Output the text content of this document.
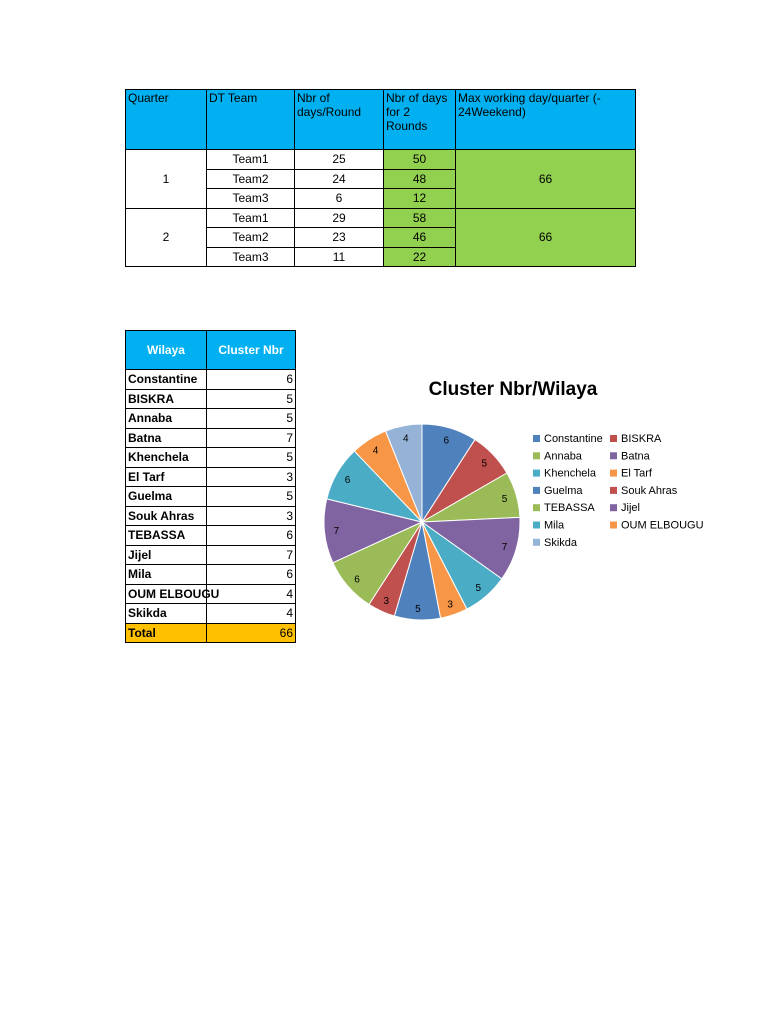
Quarter	DT Team	Nbr of days/Round	Nbr of days for 2 Rounds	Max working day/quarter (- 24Weekend)
1	Team1	25	50	66
	Team2	24	48	
	Team3	6	12	
2	Team1	29	58	66
	Team2	23	46	
	Team3	11	22	
Wilaya	Cluster Nbr
Constantine	6
BISKRA	5
Annaba	5
Batna	7
Khenchela	5
El Tarf	3
Guelma	5
Souk Ahras	3
TEBASSA	6
Jijel	7
Mila	6
OUM ELBOUGU	4
Skikda	4
Total	66
Cluster Nbr/Wilaya
6
5
5
7
5
3
5
3
6
7
6
4
4	Constantine BISKRA
Annaba	Batna
Khenchela El Tarf
Guelma	Souk Ahras
TEBASSA Jijel
Mila	OUM ELBOUGU
Skikda
